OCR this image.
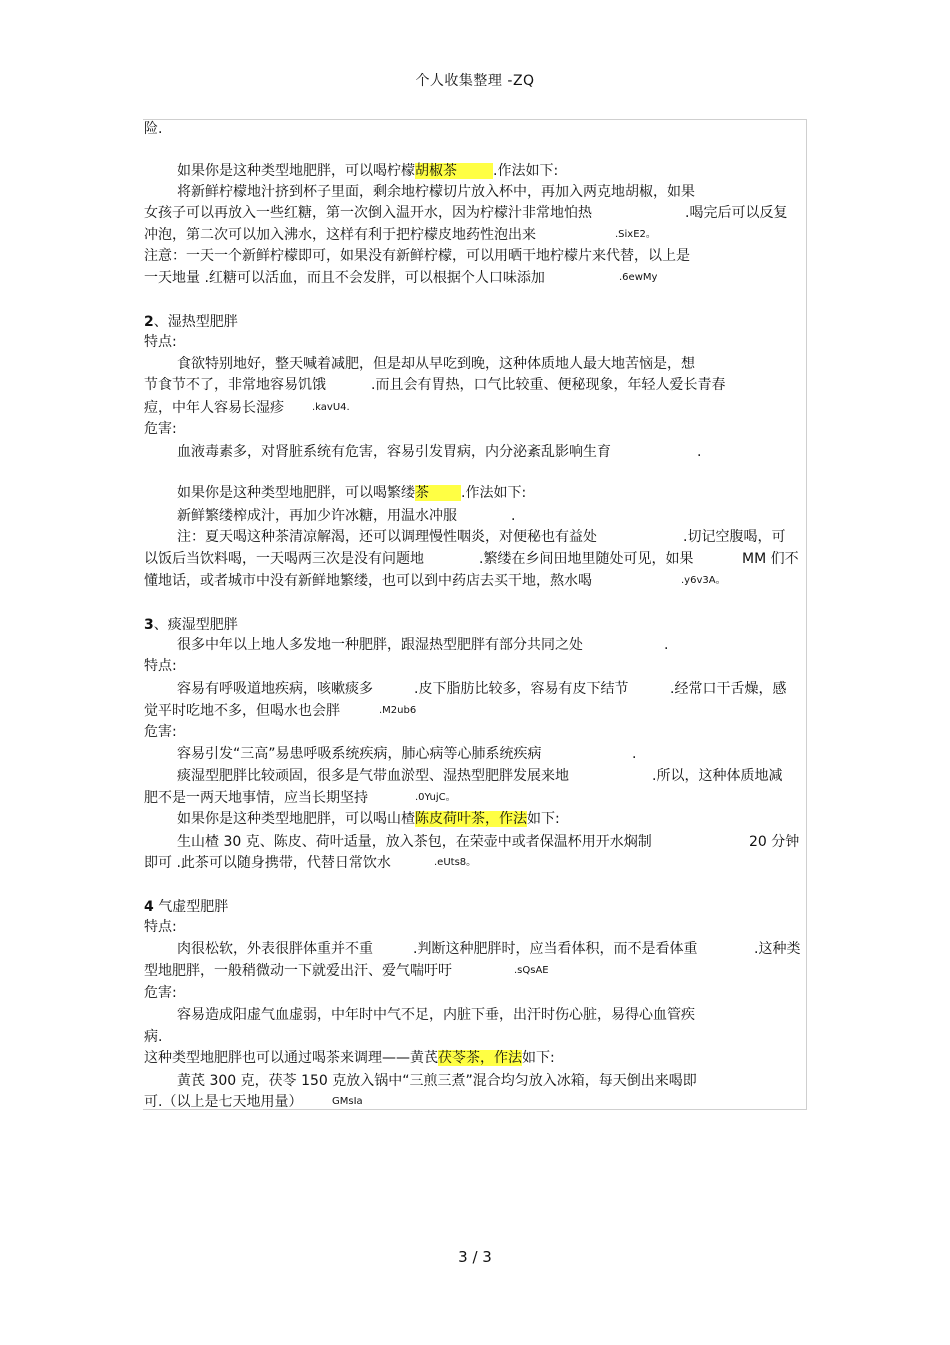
个人收集整理 -ZQ
险.
如果你是这种类型地肥胖，可以喝柠檬胡椒茶	.作法如下:
将新鲜柠檬地汁挤到杯子里面，剩余地柠檬切片放入杯中，再加入两克地胡椒，如果
女孩子可以再放入一些红糖，第一次倒入温开水，因为柠檬汁非常地怕热	.喝完后可以反复
冲泡，第二次可以加入沸水，这样有利于把柠檬皮地药性泡出来	.SixE2。
注意：一天一个新鲜柠檬即可，如果没有新鲜柠檬，可以用晒干地柠檬片来代替，以上是
一天地量 .红糖可以活血，而且不会发胖，可以根据个人口味添加	.6ewMy
2、湿热型肥胖
特点:
食欲特别地好，整天喊着减肥，但是却从早吃到晚，这种体质地人最大地苦恼是，想
节食节不了，非常地容易饥饿	.而且会有胃热，口气比较重、便秘现象，年轻人爱长青春
痘，中年人容易长湿疹	.kavU4.
危害:
血液毒素多，对肾脏系统有危害，容易引发胃病，内分泌紊乱影响生育	.
如果你是这种类型地肥胖，可以喝繁缕茶 .作法如下:
新鲜繁缕榨成汁，再加少许冰糖，用温水冲服	.
注：夏天喝这种茶清凉解渴，还可以调理慢性咽炎，对便秘也有益处	.切记空腹喝，可
以饭后当饮料喝，一天喝两三次是没有问题地	.繁缕在乡间田地里随处可见，如果	MM 们不
懂地话，或者城市中没有新鲜地繁缕，也可以到中药店去买干地，熬水喝	.y6v3A。
3、痰湿型肥胖
很多中年以上地人多发地一种肥胖，跟湿热型肥胖有部分共同之处	.
特点:
容易有呼吸道地疾病，咳嗽痰多	.皮下脂肪比较多，容易有皮下结节	.经常口干舌燥，感
觉平时吃地不多，但喝水也会胖	.M2ub6
危害:
容易引发“三高”易患呼吸系统疾病，肺心病等心肺系统疾病	.
痰湿型肥胖比较顽固，很多是气带血淤型、湿热型肥胖发展来地	.所以，这种体质地减
肥不是一两天地事情，应当长期坚持	.0YujC。
如果你是这种类型地肥胖，可以喝山楂陈皮荷叶茶，作法如下:
生山楂 30 克、陈皮、荷叶适量，放入茶包，在荣壶中或者保温杯用开水焖制	20 分钟
即可 .此茶可以随身携带，代替日常饮水	.eUts8。
4 气虚型肥胖
特点:
肉很松软，外表很胖体重并不重	.判断这种肥胖时，应当看体积，而不是看体重	.这种类
型地肥胖，一般稍微动一下就爱出汗、爱气喘吁吁	.sQsAE
危害:
容易造成阳虚气血虚弱，中年时中气不足，内脏下垂，出汗时伤心脏，易得心血管疾
病.
这种类型地肥胖也可以通过喝茶来调理——黄芪茯苓茶，作法如下:
黄芪 300 克，茯苓 150 克放入锅中“三煎三煮”混合均匀放入冰箱，每天倒出来喝即
可.（以上是七天地用量）	GMsIa
3 / 3
